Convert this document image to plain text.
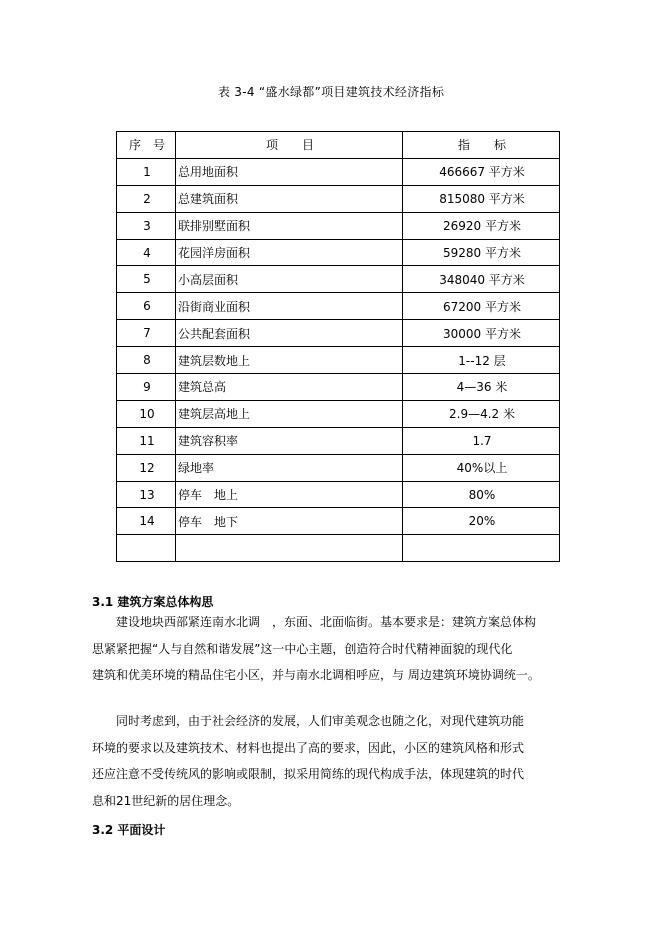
表 3-4 “盛水绿都”项目建筑技术经济指标
序　号	项　　目	指　　标
1	总用地面积	466667 平方米
2	总建筑面积	815080 平方米
3	联排别墅面积	26920 平方米
4	花园洋房面积	59280 平方米
5	小高层面积	348040 平方米
6	沿街商业面积	67200 平方米
7	公共配套面积	30000 平方米
8	建筑层数地上	1--12 层
9	建筑总高	4—36 米
10	建筑层高地上	2.9—4.2 米
11	建筑容积率	1.7
12	绿地率	40%以上
13	停车　地上	80%
14	停车　地下	20%

3.1 建筑方案总体构思

建设地块西部紧连南水北调　，东面、北面临街。基本要求是：建筑方案总体构
思紧紧把握“人与自然和谐发展”这一中心主题，创造符合时代精神面貌的现代化
建筑和优美环境的精品住宅小区，并与南水北调相呼应，与 周边建筑环境协调统一。

同时考虑到，由于社会经济的发展，人们审美观念也随之化，对现代建筑功能
环境的要求以及建筑技术、材料也提出了高的要求，因此，小区的建筑风格和形式
还应注意不受传统风的影响或限制，拟采用简练的现代构成手法，体现建筑的时代
息和21世纪新的居住理念。

3.2 平面设计
